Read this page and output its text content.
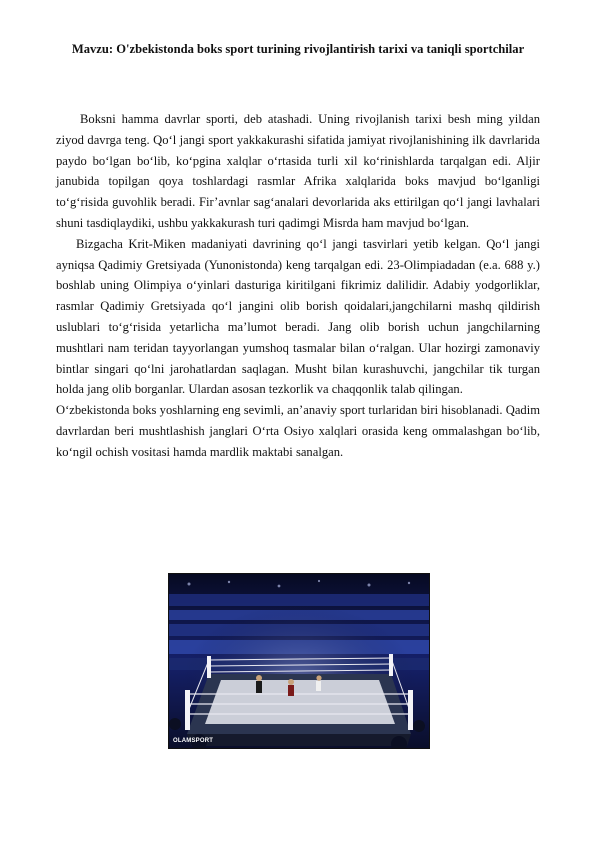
Mavzu: O'zbekistonda boks sport turining rivojlantirish tarixi va taniqli sportchilar

Boksni hamma davrlar sporti, deb atashadi. Uning rivojlanish tarixi besh ming yildan ziyod davrga teng. Qo‘l jangi sport yakkakurashi sifatida jamiyat rivojlanishining ilk davrlarida paydo bo‘lgan bo‘lib, ko‘pgina xalqlar o‘rtasida turli xil ko‘rinishlarda tarqalgan edi. Aljir janubida topilgan qoya toshlardagi rasmlar Afrika xalqlarida boks mavjud bo‘lganligi to‘g‘risida guvohlik beradi. Fir’avnlar sag‘analari devorlarida aks ettirilgan qo‘l jangi lavhalari shuni tasdiqlaydiki, ushbu yakkakurash turi qadimgi Misrda ham mavjud bo‘lgan.

Bizgacha Krit-Miken madaniyati davrining qo‘l jangi tasvirlari yetib kelgan. Qo‘l jangi ayniqsa Qadimiy Gretsiyada (Yunonistonda) keng tarqalgan edi. 23-Olimpiadadan (e.a. 688 y.) boshlab uning Olimpiya o‘yinlari dasturiga kiritilgani fikrimiz dalilidir. Adabiy yodgorliklar, rasmlar Qadimiy Gretsiyada qo‘l jangini olib borish qoidalari,jangchilarni mashq qildirish uslublari to‘g‘risida yetarlicha ma’lumot beradi. Jang olib borish uchun jangchilarning mushtlari nam teridan tayyorlangan yumshoq tasmalar bilan o‘ralgan. Ular hozirgi zamonaviy bintlar singari qo‘lni jarohatlardan saqlagan. Musht bilan kurashuvchi, jangchilar tik turgan holda jang olib borganlar. Ulardan asosan tezkorlik va chaqqonlik talab qilingan.

O‘zbekistonda boks yoshlarning eng sevimli, an’anaviy sport turlaridan biri hisoblanadi. Qadim davrlardan beri mushtlashish janglari O‘rta Osiyo xalqlari orasida keng ommalashgan bo‘lib, ko‘ngil ochish vositasi hamda mardlik maktabi sanalgan.

OLAMSPORT
